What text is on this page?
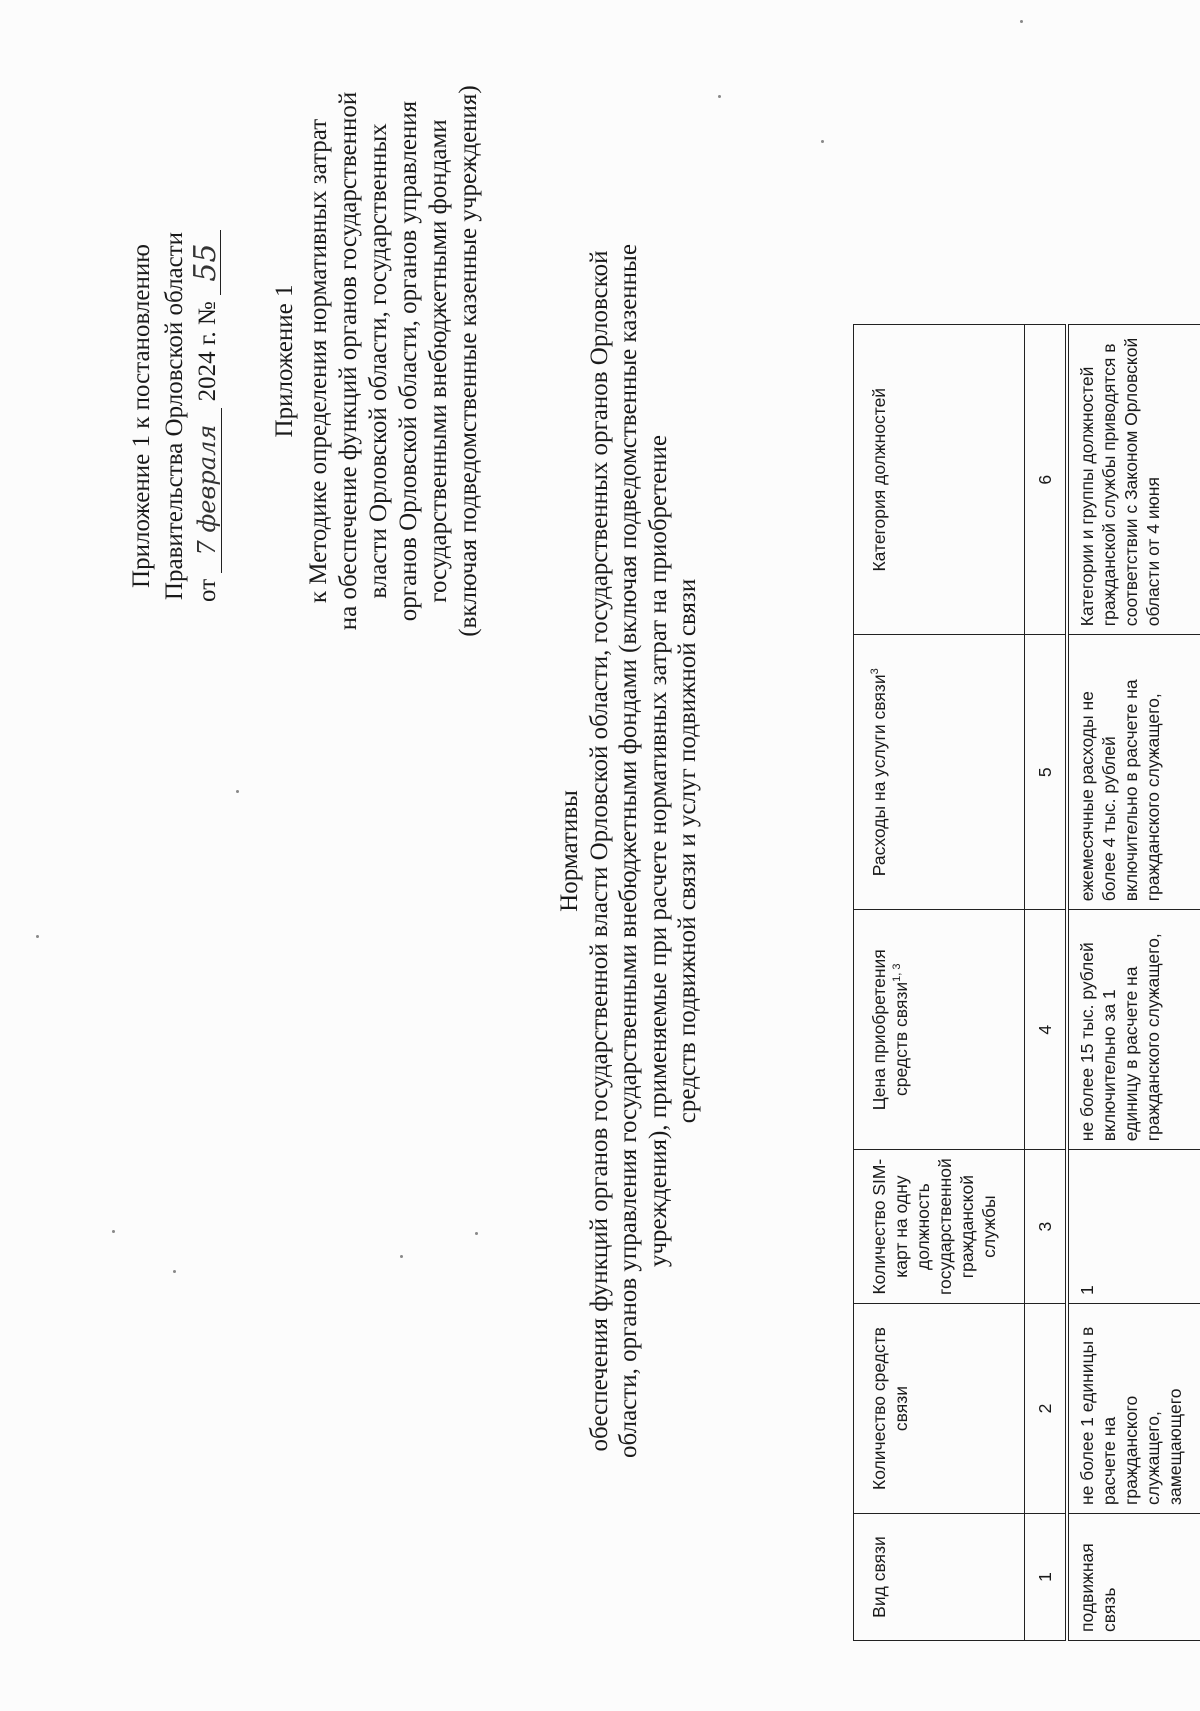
Приложение 1 к постановлению Правительства Орловской области от 7 февраля 2024 г. № 55
Приложение 1 к Методике определения нормативных затрат на обеспечение функций органов государственной власти Орловской области, государственных органов Орловской области, органов управления государственными внебюджетными фондами (включая подведомственные казенные учреждения)
Нормативы обеспечения функций органов государственной власти Орловской области, государственных органов Орловской области, органов управления государственными внебюджетными фондами (включая подведомственные казенные учреждения), применяемые при расчете нормативных затрат на приобретение средств подвижной связи и услуг подвижной связи
Вид связи	Количество средств связи	Количество SIM-карт на одну должность государственной гражданской службы	Цена приобретения средств связи$^{1, 3}$	Расходы на услуги связи$^3$	Категория должностей
1	2	3	4	5	6
подвижная связь	не более 1 единицы в расчете на гражданского служащего, замещающего	1	не более 15 тыс. рублей включительно за 1 единицу в расчете на гражданского служащего,	ежемесячные расходы не более 4 тыс. рублей включительно в расчете на гражданского служащего,	Категории и группы должностей гражданской службы приводятся в соответствии с Законом Орловской области от 4 июня
